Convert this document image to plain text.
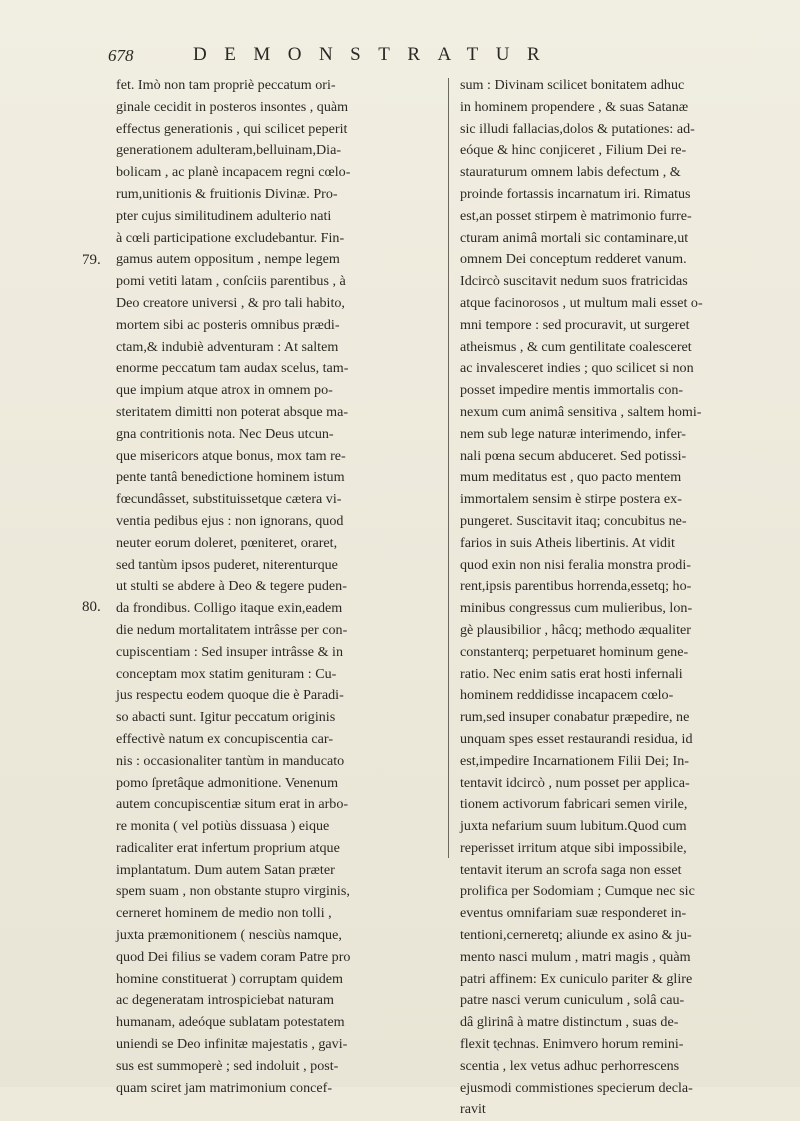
678	DEMONSTRATUR
79.
80.
fet. Imò non tam propriè peccatum ori-
ginale cecidit in posteros insontes , quàm
effectus generationis , qui scilicet peperit
generationem adulteram,belluinam,Dia-
bolicam , ac planè incapacem regni cœlo-
rum,unitionis & fruitionis Divinæ. Pro-
pter cujus similitudinem adulterio nati
à cœli participatione excludebantur. Fin-
gamus autem oppositum , nempe legem
pomi vetiti latam , conſciis parentibus , à
Deo creatore universi , & pro tali habito,
mortem sibi ac posteris omnibus prædi-
ctam,& indubiè adventuram : At saltem
enorme peccatum tam audax scelus, tam-
que impium atque atrox in omnem po-
steritatem dimitti non poterat absque ma-
gna contritionis nota. Nec Deus utcun-
que misericors atque bonus, mox tam re-
pente tantâ benedictione hominem istum
fœcundâsset, substituissetque cætera vi-
ventia pedibus ejus : non ignorans, quod
neuter eorum doleret, pœniteret, oraret,
sed tantùm ipsos puderet, niterenturque
ut stulti se abdere à Deo & tegere puden-
da frondibus. Colligo itaque exin,eadem
die nedum mortalitatem intrâsse per con-
cupiscentiam : Sed insuper intrâsse & in
conceptam mox statim genituram : Cu-
jus respectu eodem quoque die è Paradi-
so abacti sunt. Igitur peccatum originis
effectivè natum ex concupiscentia car-
nis : occasionaliter tantùm in manducato
pomo ſpretâque admonitione. Venenum
autem concupiscentiæ situm erat in arbo-
re monita ( vel potiùs dissuasa ) eique
radicaliter erat infertum proprium atque
implantatum. Dum autem Satan præter
spem suam , non obstante stupro virginis,
cerneret hominem de medio non tolli ,
juxta præmonitionem ( nesciùs namque,
quod Dei filius se vadem coram Patre pro
homine constituerat ) corruptam quidem
ac degeneratam introspiciebat naturam
humanam, adeóque sublatam potestatem
uniendi se Deo infinitæ majestatis , gavi-
sus est summoperè ; sed indoluit , post-
quam sciret jam matrimonium concef-
sum : Divinam scilicet bonitatem adhuc
in hominem propendere , & suas Satanæ
sic illudi fallacias,dolos & putationes: ad-
eóque & hinc conjiceret , Filium Dei re-
stauraturum omnem labis defectum , &
proinde fortassis incarnatum iri. Rimatus
est,an posset stirpem è matrimonio furre-
cturam animâ mortali sic contaminare,ut
omnem Dei conceptum redderet vanum.
Idcircò suscitavit nedum suos fratricidas
atque facinorosos , ut multum mali esset o-
mni tempore : sed procuravit, ut surgeret
atheismus , & cum gentilitate coalesceret
ac invalesceret indies ; quo scilicet si non
posset impedire mentis immortalis con-
nexum cum animâ sensitiva , saltem homi-
nem sub lege naturæ interimendo, infer-
nali pœna secum abduceret. Sed potissi-
mum meditatus est , quo pacto mentem
immortalem sensim è stirpe postera ex-
pungeret. Suscitavit itaq; concubitus ne-
farios in suis Atheis libertinis. At vidit
quod exin non nisi feralia monstra prodi-
rent,ipsis parentibus horrenda,essetq; ho-
minibus congressus cum mulieribus, lon-
gè plausibilior , hâcq; methodo æqualiter
constanterq; perpetuaret hominum gene-
ratio. Nec enim satis erat hosti infernali
hominem reddidisse incapacem cœlo-
rum,sed insuper conabatur præpedire, ne
unquam spes esset restaurandi residua, id
est,impedire Incarnationem Filii Dei; In-
tentavit idcircò , num posset per applica-
tionem activorum fabricari semen virile,
juxta nefarium suum lubitum.Quod cum
reperisset irritum atque sibi impossibile,
tentavit iterum an scrofa saga non esset
prolifica per Sodomiam ; Cumque nec sic
eventus omnifariam suæ responderet in-
tentioni,cerneretq; aliunde ex asino & ju-
mento nasci mulum , matri magis , quàm
patri affinem: Ex cuniculo pariter & glire
patre nasci verum cuniculum , solâ cau-
dâ glirinâ à matre distinctum , suas de-
flexit technas. Enimvero horum remini-
scentia , lex vetus adhuc perhorrescens
ejusmodi commistiones specierum decla-
ravit
